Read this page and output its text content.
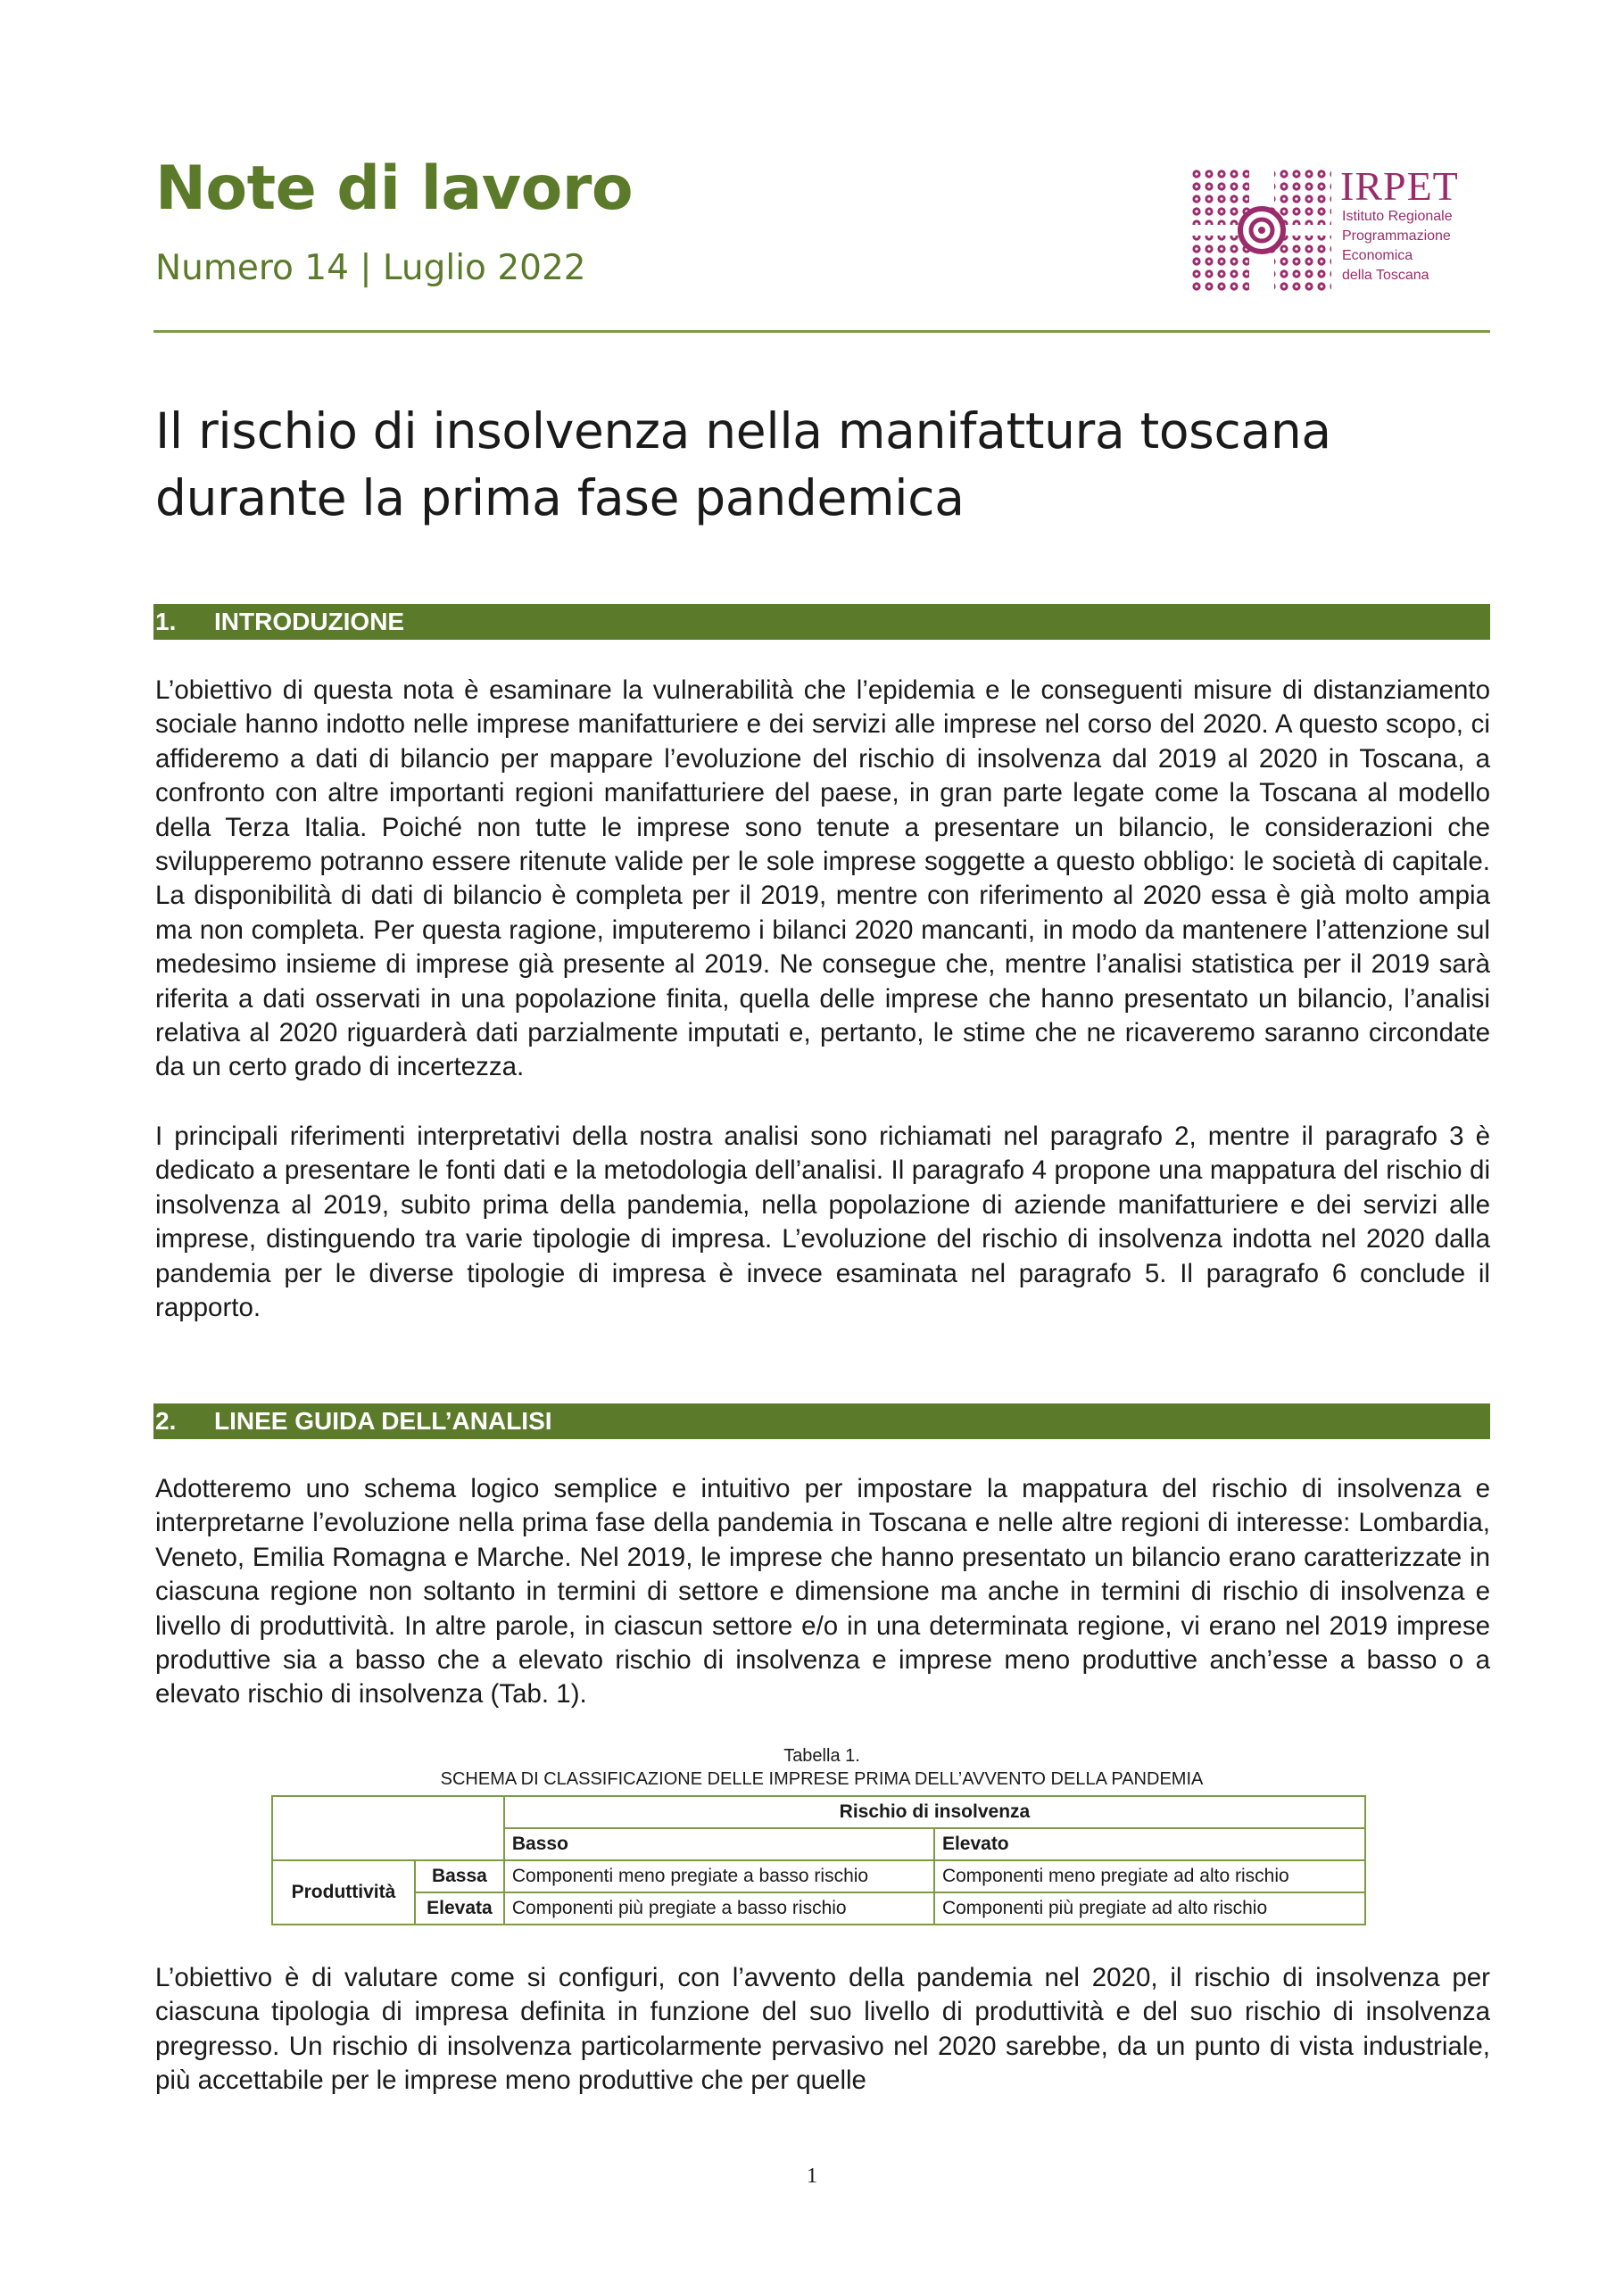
Note di lavoro

Numero 14 | Luglio 2022

IRPET

Istituto Regionale
Programmazione
Economica
della Toscana

Il rischio di insolvenza nella manifattura toscana
durante la prima fase pandemica
1. INTRODUZIONE

L’obiettivo di questa nota è esaminare la vulnerabilità che l’epidemia e le conseguenti misure di distanziamento sociale hanno indotto nelle imprese manifatturiere e dei servizi alle imprese nel corso del 2020. A questo scopo, ci affideremo a dati di bilancio per mappare l’evoluzione del rischio di insolvenza dal 2019 al 2020 in Toscana, a confronto con altre importanti regioni manifatturiere del paese, in gran parte legate come la Toscana al modello della Terza Italia. Poiché non tutte le imprese sono tenute a presentare un bilancio, le considerazioni che svilupperemo potranno essere ritenute valide per le sole imprese soggette a questo obbligo: le società di capitale. La disponibilità di dati di bilancio è completa per il 2019, mentre con riferimento al 2020 essa è già molto ampia ma non completa. Per questa ragione, imputeremo i bilanci 2020 mancanti, in modo da mantenere l’attenzione sul medesimo insieme di imprese già presente al 2019. Ne consegue che, mentre l’analisi statistica per il 2019 sarà riferita a dati osservati in una popolazione finita, quella delle imprese che hanno presentato un bilancio, l’analisi relativa al 2020 riguarderà dati parzialmente imputati e, pertanto, le stime che ne ricaveremo saranno circondate da un certo grado di incertezza.

I principali riferimenti interpretativi della nostra analisi sono richiamati nel paragrafo 2, mentre il paragrafo 3 è dedicato a presentare le fonti dati e la metodologia dell’analisi. Il paragrafo 4 propone una mappatura del rischio di insolvenza al 2019, subito prima della pandemia, nella popolazione di aziende manifatturiere e dei servizi alle imprese, distinguendo tra varie tipologie di impresa. L’evoluzione del rischio di insolvenza indotta nel 2020 dalla pandemia per le diverse tipologie di impresa è invece esaminata nel paragrafo 5. Il paragrafo 6 conclude il rapporto.

2. LINEE GUIDA DELL’ANALISI

Adotteremo uno schema logico semplice e intuitivo per impostare la mappatura del rischio di insolvenza e interpretarne l’evoluzione nella prima fase della pandemia in Toscana e nelle altre regioni di interesse: Lombardia, Veneto, Emilia Romagna e Marche. Nel 2019, le imprese che hanno presentato un bilancio erano caratterizzate in ciascuna regione non soltanto in termini di settore e dimensione ma anche in termini di rischio di insolvenza e livello di produttività. In altre parole, in ciascun settore e/o in una determinata regione, vi erano nel 2019 imprese produttive sia a basso che a elevato rischio di insolvenza e imprese meno produttive anch’esse a basso o a elevato rischio di insolvenza (Tab. 1).

Tabella 1.

SCHEMA DI CLASSIFICAZIONE DELLE IMPRESE PRIMA DELL’AVVENTO DELLA PANDEMIA

		Rischio di insolvenza	
		Basso	Elevato
Produttività	Bassa	Componenti meno pregiate a basso rischio	Componenti meno pregiate ad alto rischio
	Elevata	Componenti più pregiate a basso rischio	Componenti più pregiate ad alto rischio

L’obiettivo è di valutare come si configuri, con l’avvento della pandemia nel 2020, il rischio di insolvenza per ciascuna tipologia di impresa definita in funzione del suo livello di produttività e del suo rischio di insolvenza pregresso. Un rischio di insolvenza particolarmente pervasivo nel 2020 sarebbe, da un punto di vista industriale, più accettabile per le imprese meno produttive che per quelle

1
